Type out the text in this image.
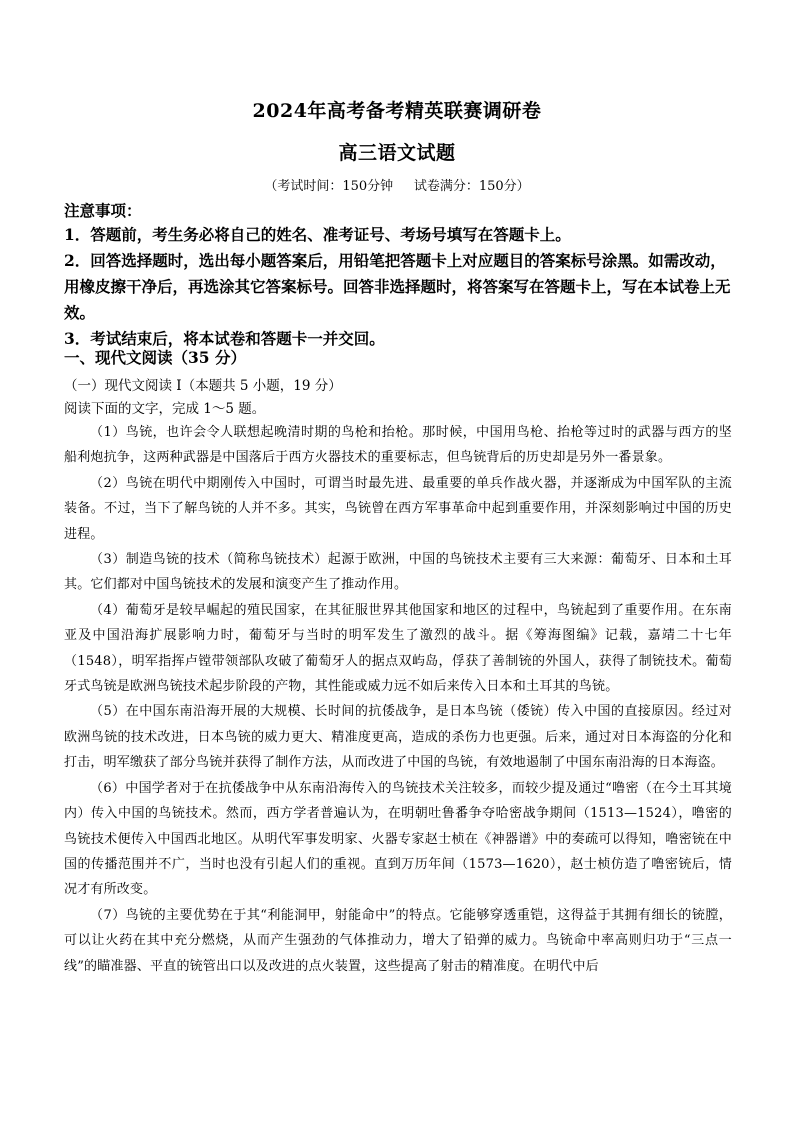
2024年高考备考精英联赛调研卷
高三语文试题
（考试时间：150分钟     试卷满分：150分）
注意事项：

1．答题前，考生务必将自己的姓名、准考证号、考场号填写在答题卡上。

2．回答选择题时，选出每小题答案后，用铅笔把答题卡上对应题目的答案标号涂黑。如需改动，用橡皮擦干净后，再选涂其它答案标号。回答非选择题时，将答案写在答题卡上，写在本试卷上无效。

3．考试结束后，将本试卷和答题卡一并交回。

一、现代文阅读（35 分）
（一）现代文阅读 I（本题共 5 小题，19 分）
阅读下面的文字，完成 1～5 题。

（1）鸟铳，也许会令人联想起晚清时期的鸟枪和抬枪。那时候，中国用鸟枪、抬枪等过时的武器与西方的坚船利炮抗争，这两种武器是中国落后于西方火器技术的重要标志，但鸟铳背后的历史却是另外一番景象。

（2）鸟铳在明代中期刚传入中国时，可谓当时最先进、最重要的单兵作战火器，并逐渐成为中国军队的主流装备。不过，当下了解鸟铳的人并不多。其实，鸟铳曾在西方军事革命中起到重要作用，并深刻影响过中国的历史进程。

（3）制造鸟铳的技术（简称鸟铳技术）起源于欧洲，中国的鸟铳技术主要有三大来源：葡萄牙、日本和土耳其。它们都对中国鸟铳技术的发展和演变产生了推动作用。

（4）葡萄牙是较早崛起的殖民国家，在其征服世界其他国家和地区的过程中，鸟铳起到了重要作用。在东南亚及中国沿海扩展影响力时，葡萄牙与当时的明军发生了激烈的战斗。据《筹海图编》记载，嘉靖二十七年（1548），明军指挥卢镗带领部队攻破了葡萄牙人的据点双屿岛，俘获了善制铳的外国人，获得了制铳技术。葡萄牙式鸟铳是欧洲鸟铳技术起步阶段的产物，其性能或威力远不如后来传入日本和土耳其的鸟铳。

（5）在中国东南沿海开展的大规模、长时间的抗倭战争，是日本鸟铳（倭铳）传入中国的直接原因。经过对欧洲鸟铳的技术改进，日本鸟铳的威力更大、精准度更高，造成的杀伤力也更强。后来，通过对日本海盗的分化和打击，明军缴获了部分鸟铳并获得了制作方法，从而改进了中国的鸟铳，有效地遏制了中国东南沿海的日本海盗。

（6）中国学者对于在抗倭战争中从东南沿海传入的鸟铳技术关注较多，而较少提及通过“噜密（在今土耳其境内）传入中国的鸟铳技术。然而，西方学者普遍认为，在明朝吐鲁番争夺哈密战争期间（1513—1524），噜密的鸟铳技术便传入中国西北地区。从明代军事发明家、火器专家赵士桢在《神器谱》中的奏疏可以得知，噜密铳在中国的传播范围并不广，当时也没有引起人们的重视。直到万历年间（1573—1620），赵士桢仿造了噜密铳后，情况才有所改变。

（7）鸟铳的主要优势在于其“利能洞甲，射能命中”的特点。它能够穿透重铠，这得益于其拥有细长的铳膛，可以让火药在其中充分燃烧，从而产生强劲的气体推动力，增大了铅弹的威力。鸟铳命中率高则归功于“三点一线”的瞄准器、平直的铳管出口以及改进的点火装置，这些提高了射击的精准度。在明代中后
